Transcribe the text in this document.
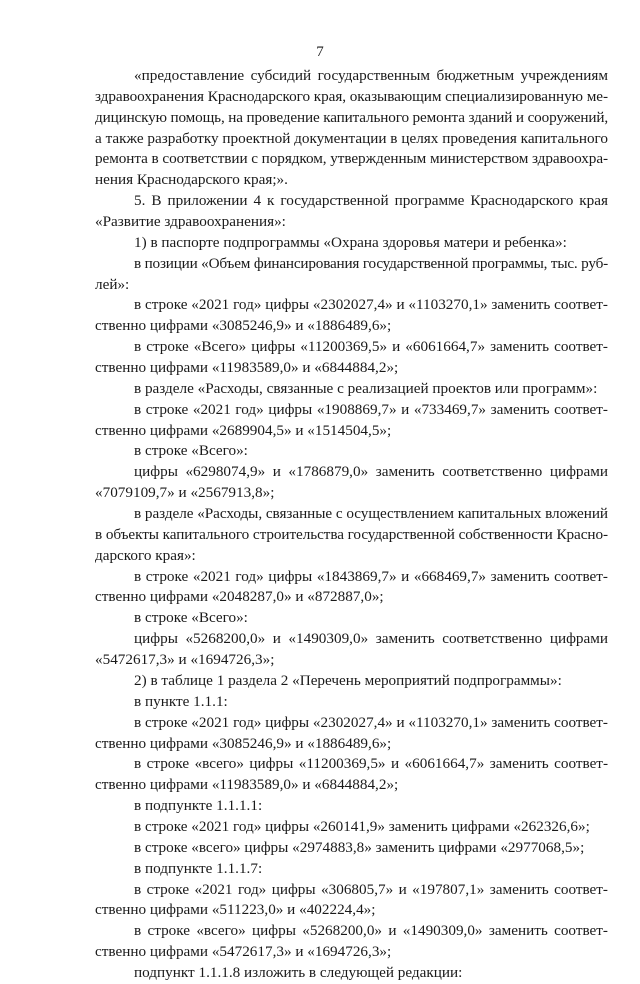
7
«предоставление субсидий государственным бюджетным учреждениям
здравоохранения Краснодарского края, оказывающим специализированную ме-
дицинскую помощь, на проведение капитального ремонта зданий и сооружений,
а также разработку проектной документации в целях проведения капитального
ремонта в соответствии с порядком, утвержденным министерством здравоохра-
нения Краснодарского края;».
5. В приложении 4 к государственной программе Краснодарского края
«Развитие здравоохранения»:
1) в паспорте подпрограммы «Охрана здоровья матери и ребенка»:
в позиции «Объем финансирования государственной программы, тыс. руб-
лей»:
в строке «2021 год» цифры «2302027,4» и «1103270,1» заменить соответ-
ственно цифрами «3085246,9» и «1886489,6»;
в строке «Всего» цифры «11200369,5» и «6061664,7» заменить соответ-
ственно цифрами «11983589,0» и «6844884,2»;
в разделе «Расходы, связанные с реализацией проектов или программ»:
в строке «2021 год» цифры «1908869,7» и «733469,7» заменить соответ-
ственно цифрами «2689904,5» и «1514504,5»;
в строке «Всего»:
цифры «6298074,9» и «1786879,0» заменить соответственно цифрами
«7079109,7» и «2567913,8»;
в разделе «Расходы, связанные с осуществлением капитальных вложений
в объекты капитального строительства государственной собственности Красно-
дарского края»:
в строке «2021 год» цифры «1843869,7» и «668469,7» заменить соответ-
ственно цифрами «2048287,0» и «872887,0»;
в строке «Всего»:
цифры «5268200,0» и «1490309,0» заменить соответственно цифрами
«5472617,3» и «1694726,3»;
2) в таблице 1 раздела 2 «Перечень мероприятий подпрограммы»:
в пункте 1.1.1:
в строке «2021 год» цифры «2302027,4» и «1103270,1» заменить соответ-
ственно цифрами «3085246,9» и «1886489,6»;
в строке «всего» цифры «11200369,5» и «6061664,7» заменить соответ-
ственно цифрами «11983589,0» и «6844884,2»;
в подпункте 1.1.1.1:
в строке «2021 год» цифры «260141,9» заменить цифрами «262326,6»;
в строке «всего» цифры «2974883,8» заменить цифрами «2977068,5»;
в подпункте 1.1.1.7:
в строке «2021 год» цифры «306805,7» и «197807,1» заменить соответ-
ственно цифрами «511223,0» и «402224,4»;
в строке «всего» цифры «5268200,0» и «1490309,0» заменить соответ-
ственно цифрами «5472617,3» и «1694726,3»;
подпункт 1.1.1.8 изложить в следующей редакции:
